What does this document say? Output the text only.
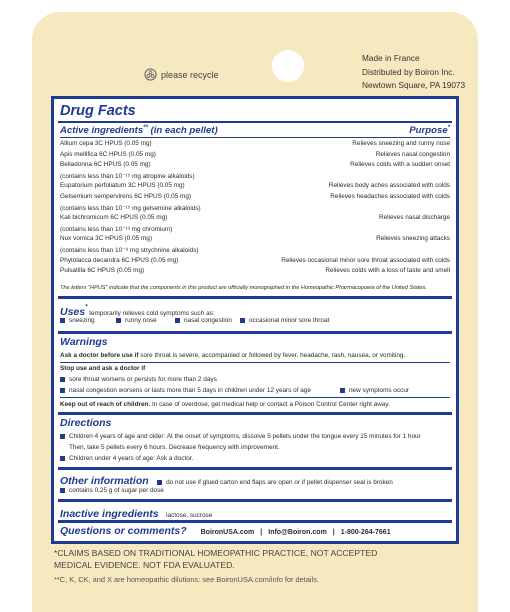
please recycle
Made in France
Distributed by Boiron Inc.
Newtown Square, PA 19073
Drug Facts
Active ingredients** (in each pellet)	Purpose*
Allium cepa 3C HPUS (0.05 mg)	Relieves sneezing and runny nose
Apis mellifica 6C HPUS (0.05 mg)	Relieves nasal congestion
Belladonna 6C HPUS (0.05 mg)	Relieves colds with a sudden onset
(contains less than 10⁻¹⁵ mg atropine alkaloids)
Eupatorium perfoliatum 3C HPUS (0.05 mg)	Relieves body aches associated with colds
Gelsemium sempervirens 6C HPUS (0.05 mg)	Relieves headaches associated with colds
(contains less than 10⁻¹⁵ mg gelsemine alkaloids)
Kali bichromicum 6C HPUS (0.05 mg)	Relieves nasal discharge
(contains less than 10⁻¹³ mg chromium)
Nux vomica 3C HPUS (0.05 mg)	Relieves sneezing attacks
(contains less than 10⁻⁸ mg strychnine alkaloids)
Phytolacca decandra 6C HPUS (0.05 mg)	Relieves occasional minor sore throat associated with colds
Pulsatilla 6C HPUS (0.05 mg)	Relieves colds with a loss of taste and smell
The letters "HPUS" indicate that the components in this product are officially monographed in the Homeopathic Pharmacopoeia of the United States.
Uses* temporarily relieves cold symptoms such as:
sneezing	runny nose	nasal congestion	occasional minor sore throat
Warnings
Ask a doctor before use if sore throat is severe, accompanied or followed by fever, headache, rash, nausea, or vomiting.
Stop use and ask a doctor if
sore throat worsens or persists for more than 2 days
nasal congestion worsens or lasts more than 5 days in children under 12 years of age	new symptoms occur
Keep out of reach of children. In case of overdose, get medical help or contact a Poison Control Center right away.
Directions
Children 4 years of age and older: At the onset of symptoms, dissolve 5 pellets under the tongue every 15 minutes for 1 hour
Then, take 5 pellets every 6 hours. Decrease frequency with improvement.
Children under 4 years of age: Ask a doctor.
Other information	do not use if glued carton end flaps are open or if pellet dispenser seal is broken
contains 0.25 g of sugar per dose
Inactive ingredients lactose, sucrose
Questions or comments? BoironUSA.com | Info@Boiron.com | 1-800-264-7661
*CLAIMS BASED ON TRADITIONAL HOMEOPATHIC PRACTICE, NOT ACCEPTED
MEDICAL EVIDENCE. NOT FDA EVALUATED.
**C, K, CK, and X are homeopathic dilutions: see BoironUSA.com/info for details.
